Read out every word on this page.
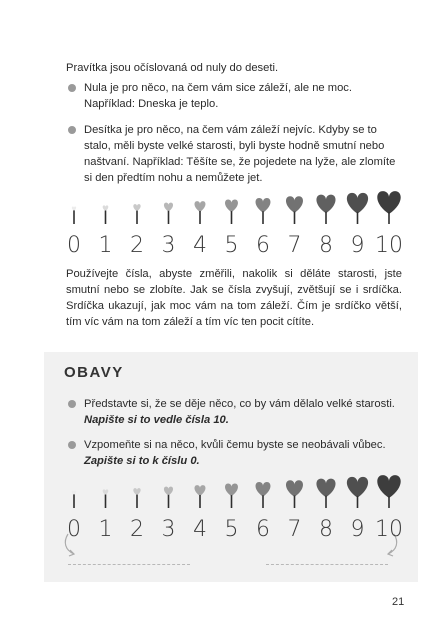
Pravítka jsou očíslovaná od nuly do deseti.

Nula je pro něco, na čem vám sice záleží, ale ne moc. Například: Dneska je teplo.
Desítka je pro něco, na čem vám záleží nejvíc. Kdyby se to stalo, měli byste velké starosti, byli byste hodně smutní nebo naštvaní. Například: Těšíte se, že pojedete na lyže, ale zlomíte si den předtím nohu a nemůžete jet.
0 1 2 3 4 5 6 7 8 9 10

Používejte čísla, abyste změřili, nakolik si děláte starosti, jste smutní nebo se zlobíte. Jak se čísla zvyšují, zvětšují se i srdíčka. Srdíčka ukazují, jak moc vám na tom záleží. Čím je srdíčko větší, tím víc vám na tom záleží a tím víc ten pocit cítíte.

OBAVY
Představte si, že se děje něco, co by vám dělalo velké starosti.
Napište si to vedle čísla 10.
Vzpomeňte si na něco, kvůli čemu byste se neobávali vůbec.
Zapište si to k číslu 0.
0 1 2 3 4 5 6 7 8 9 10
21
